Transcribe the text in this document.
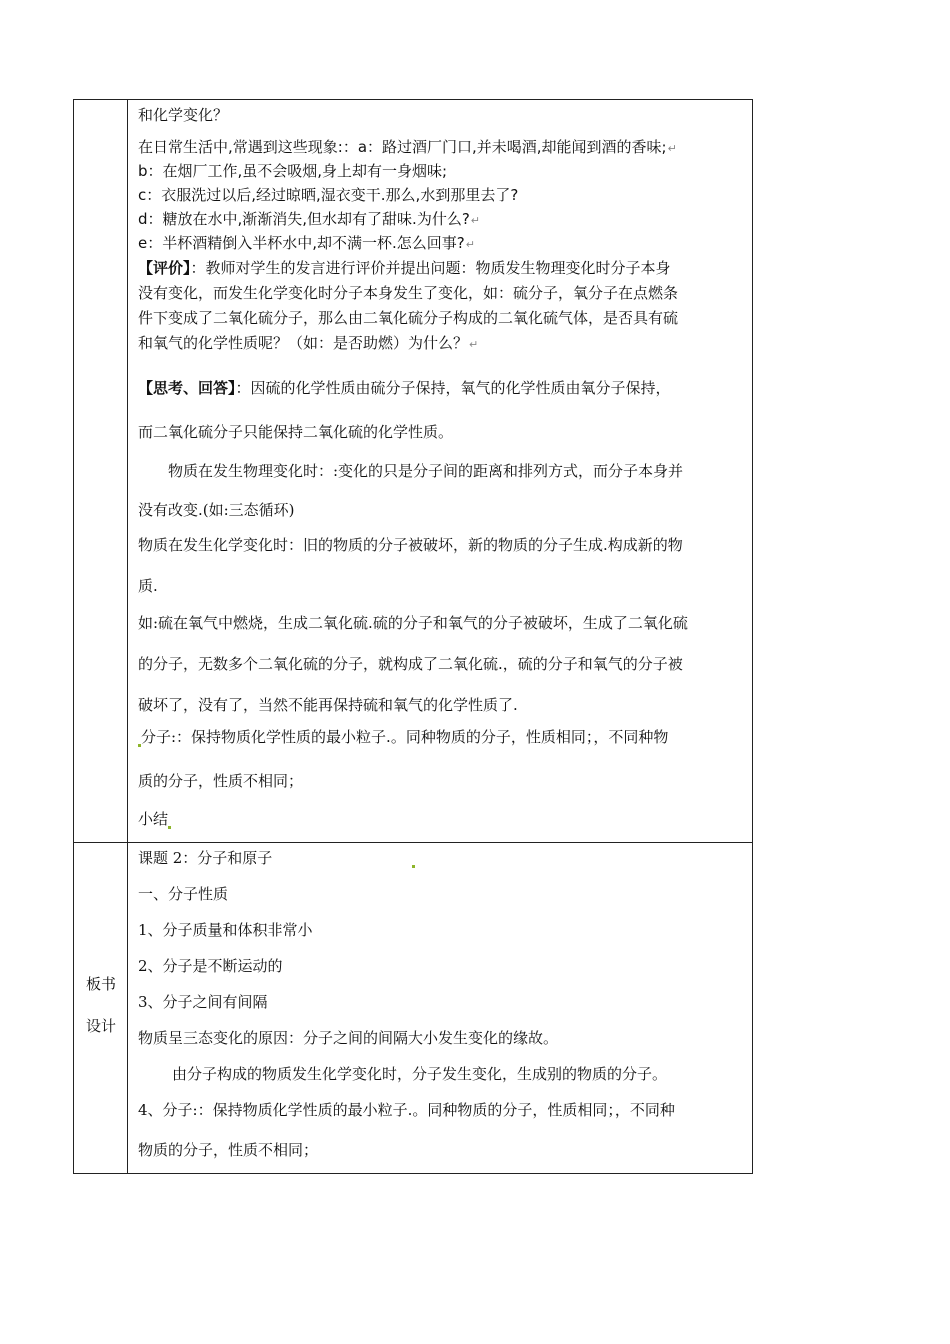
和化学变化？
在日常生活中,常遇到这些现象:：a：路过酒厂门口,并未喝酒,却能闻到酒的香味;↵
b：在烟厂工作,虽不会吸烟,身上却有一身烟味;
c：衣服洗过以后,经过晾晒,湿衣变干.那么,水到那里去了?
d：糖放在水中,渐渐消失,但水却有了甜味.为什么?↵
e：半杯酒精倒入半杯水中,却不满一杯.怎么回事?↵
【评价】：教师对学生的发言进行评价并提出问题：物质发生物理变化时分子本身
没有变化，而发生化学变化时分子本身发生了变化，如：硫分子，氧分子在点燃条
件下变成了二氧化硫分子，那么由二氧化硫分子构成的二氧化硫气体，是否具有硫
和氧气的化学性质呢？（如：是否助燃）为什么？↵
【思考、回答】：因硫的化学性质由硫分子保持，氧气的化学性质由氧分子保持，
而二氧化硫分子只能保持二氧化硫的化学性质。
物质在发生物理变化时：:变化的只是分子间的距离和排列方式，而分子本身并
没有改变.(如:三态循环)
物质在发生化学变化时：旧的物质的分子被破坏，新的物质的分子生成.构成新的物
质.
如:硫在氧气中燃烧，生成二氧化硫.硫的分子和氧气的分子被破坏，生成了二氧化硫
的分子，无数多个二氧化硫的分子，就构成了二氧化硫.，硫的分子和氧气的分子被
破坏了，没有了，当然不能再保持硫和氧气的化学性质了.
分子:：保持物质化学性质的最小粒子.。同种物质的分子，性质相同；，不同种物
质的分子，性质不相同；
小结
板书
设计
课题 2：分子和原子
一、分子性质
1、分子质量和体积非常小
2、分子是不断运动的
3、分子之间有间隔
物质呈三态变化的原因：分子之间的间隔大小发生变化的缘故。
由分子构成的物质发生化学变化时，分子发生变化，生成别的物质的分子。
4、分子:：保持物质化学性质的最小粒子.。同种物质的分子，性质相同；，不同种
物质的分子，性质不相同；
